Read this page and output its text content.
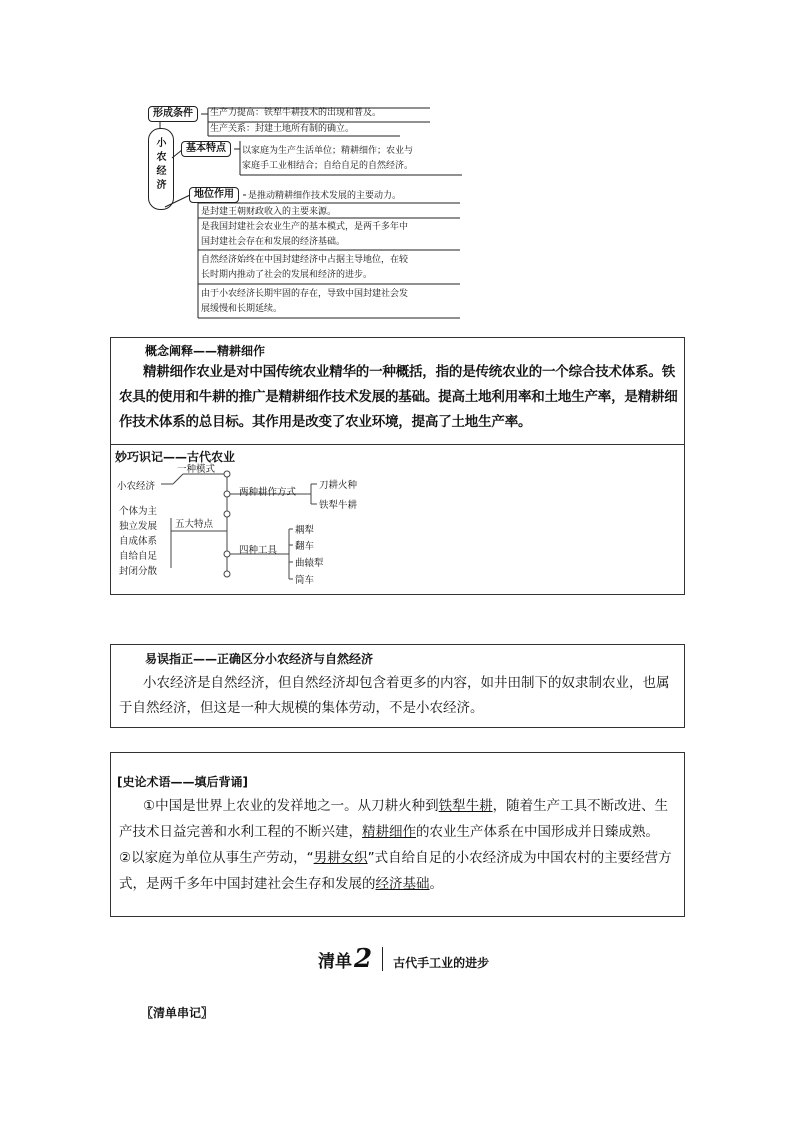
小农经济
形成条件	生产力提高：铁犁牛耕技术的出现和普及。
生产关系：封建土地所有制的确立。
基本特点	以家庭为生产生活单位；精耕细作；农业与
家庭手工业相结合；自给自足的自然经济。
地位作用	是推动精耕细作技术发展的主要动力。
是封建王朝财政收入的主要来源。
是我国封建社会农业生产的基本模式，是两千多年中
国封建社会存在和发展的经济基础。
自然经济始终在中国封建经济中占据主导地位，在较
长时期内推动了社会的发展和经济的进步。
由于小农经济长期牢固的存在，导致中国封建社会发
展缓慢和长期延续。
概念阐释——精耕细作
精耕细作农业是对中国传统农业精华的一种概括，指的是传统农业的一个综合技术体系。铁农具的使用和牛耕的推广是精耕细作技术发展的基础。提高土地利用率和土地生产率，是精耕细作技术体系的总目标。其作用是改变了农业环境，提高了土地生产率。
妙巧识记——古代农业
小农经济
一种模式
两种耕作方式
刀耕火种
铁犁牛耕
五大特点
个体为主
独立发展
自成体系
自给自足
封闭分散
四种工具
耦犁
翻车
曲辕犁
筒车
易误指正——正确区分小农经济与自然经济
小农经济是自然经济，但自然经济却包含着更多的内容，如井田制下的奴隶制农业，也属于自然经济，但这是一种大规模的集体劳动，不是小农经济。
[史论术语——填后背诵]
①中国是世界上农业的发祥地之一。从刀耕火种到铁犁牛耕，随着生产工具不断改进、生产技术日益完善和水利工程的不断兴建，精耕细作的农业生产体系在中国形成并日臻成熟。
②以家庭为单位从事生产劳动，“男耕女织”式自给自足的小农经济成为中国农村的主要经营方式，是两千多年中国封建社会生存和发展的经济基础。
清单2 古代手工业的进步
〖清单串记〗
